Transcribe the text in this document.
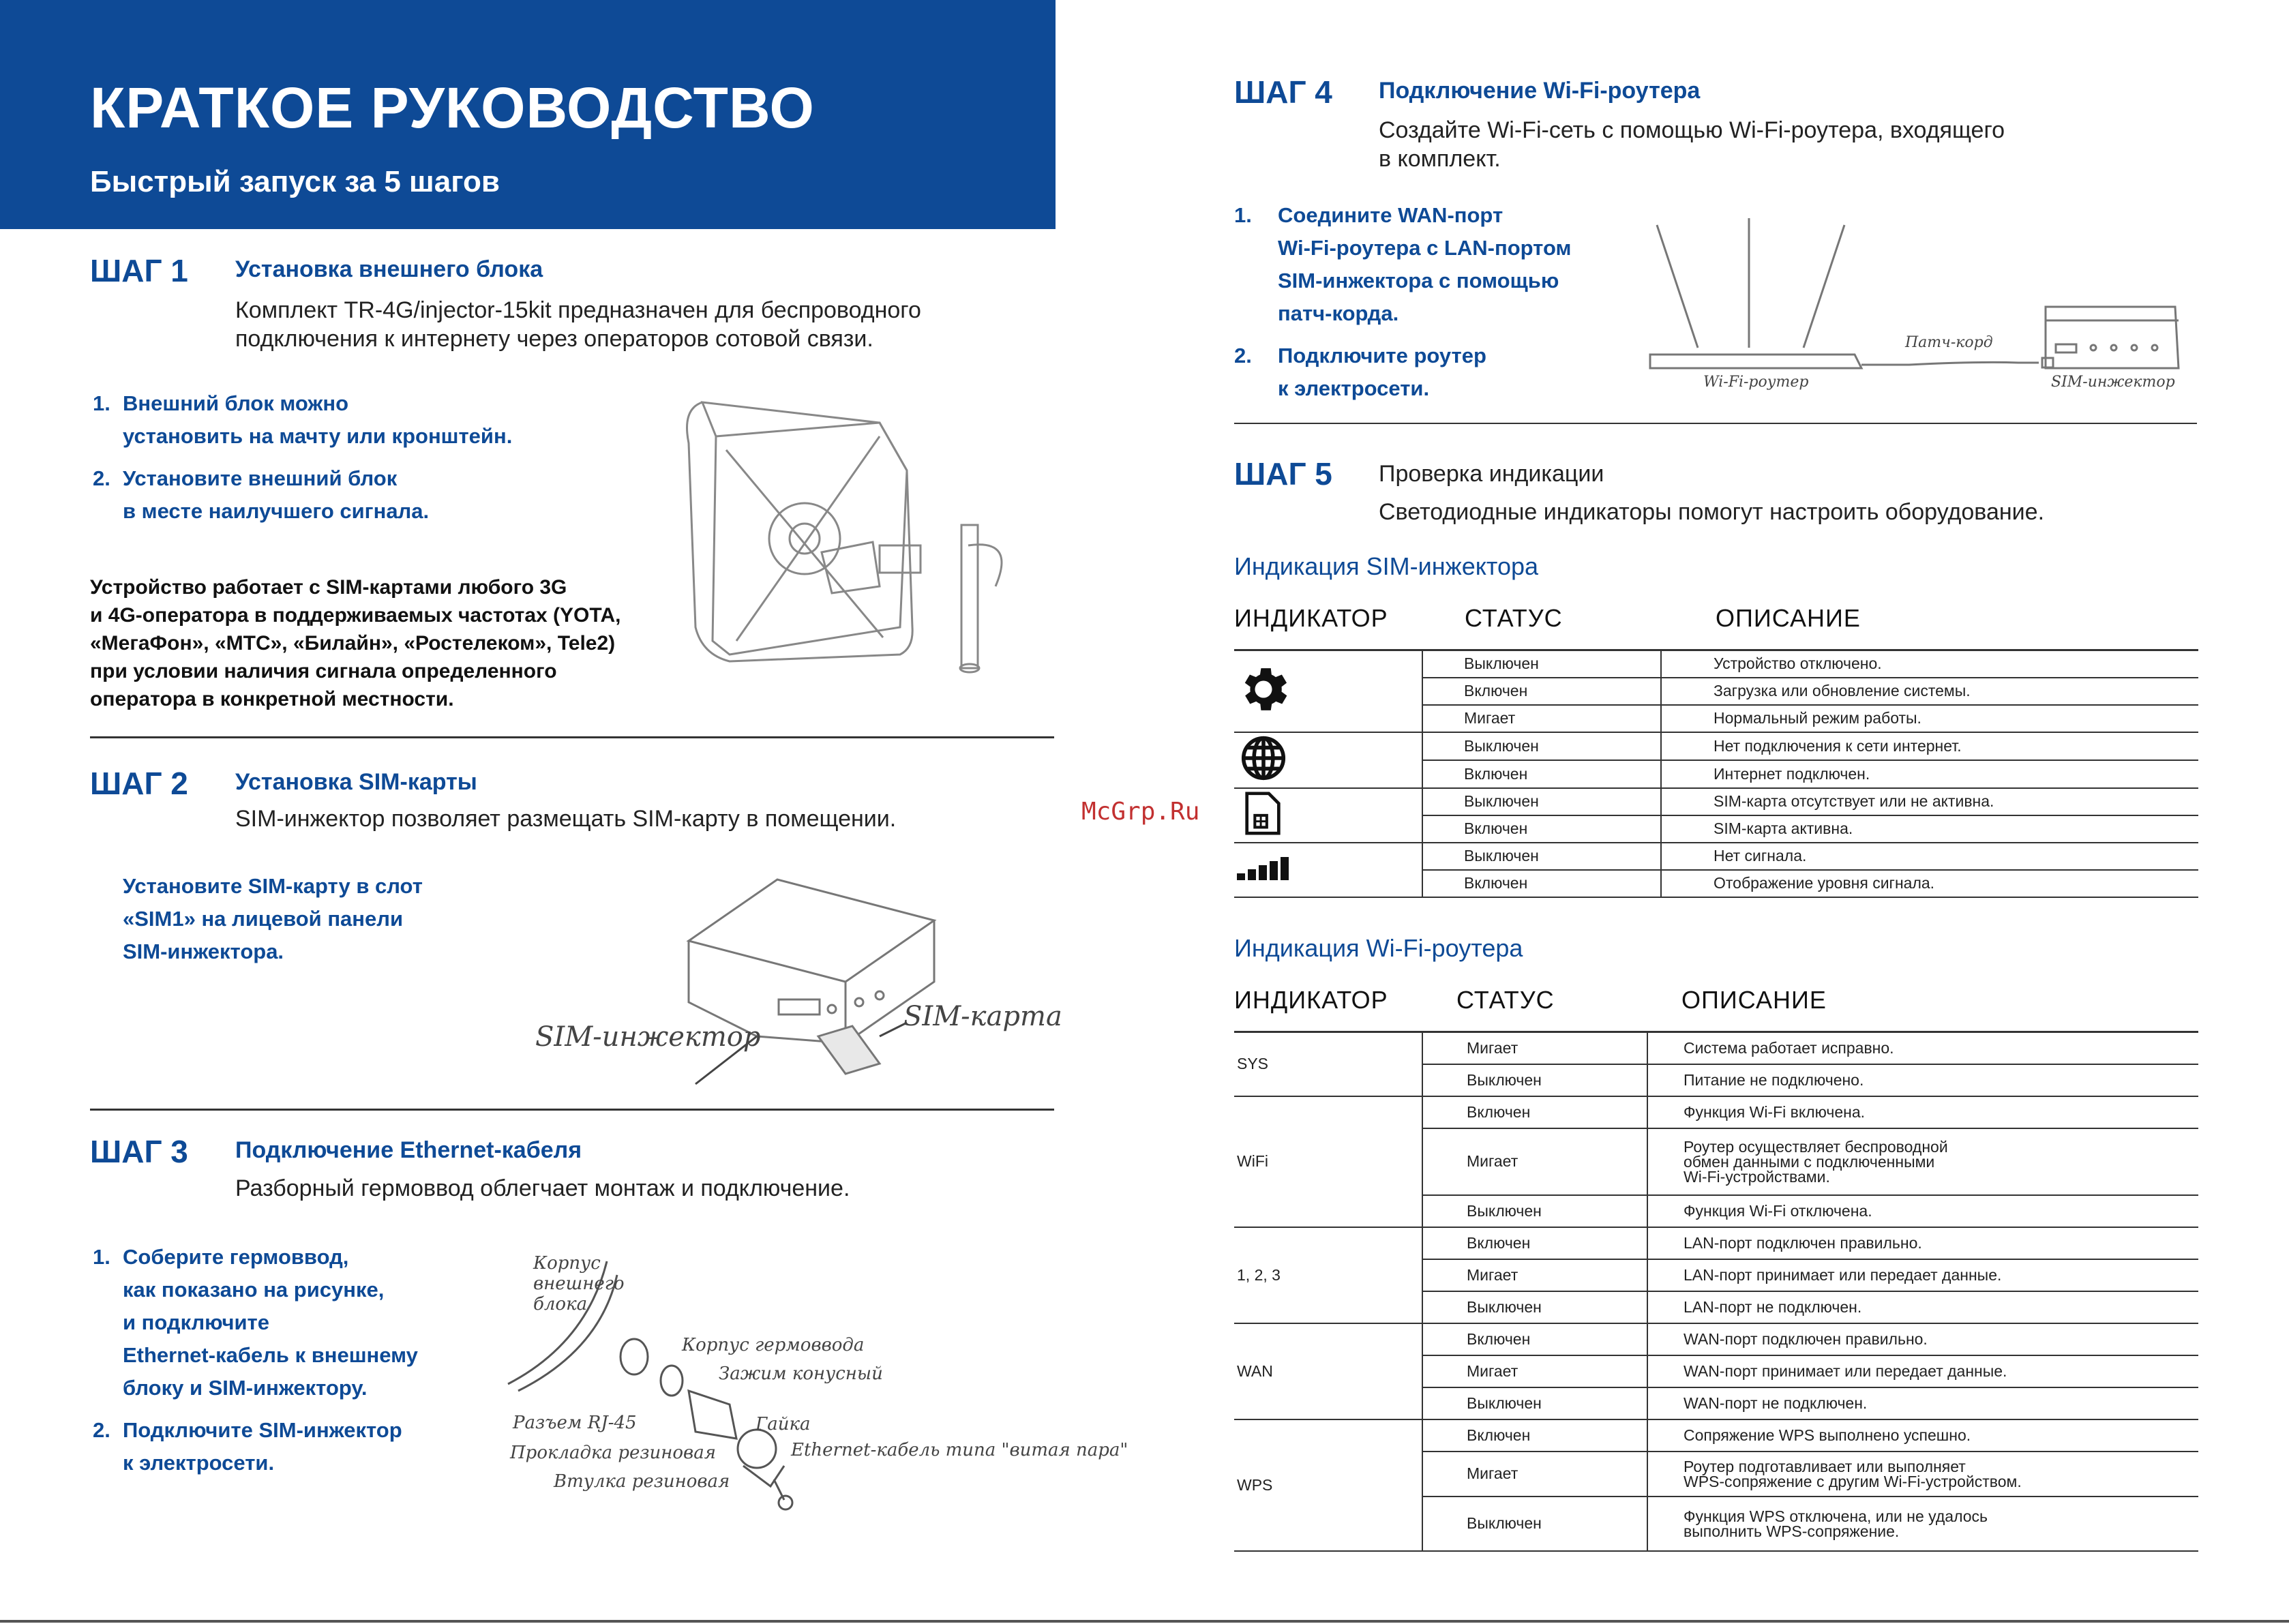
КРАТКОЕ РУКОВОДСТВО
Быстрый запуск за 5 шагов
ШАГ 1 Установка внешнего блока
Комплект TR-4G/injector-15kit предназначен для беспроводного
подключения к интернету через операторов сотовой связи.
1. Внешний блок можно
установить на мачту или кронштейн.
2. Установите внешний блок
в месте наилучшего сигнала.
Устройство работает с SIM-картами любого 3G
и 4G-оператора в поддерживаемых частотах (YOTA,
«МегаФон», «МТС», «Билайн», «Ростелеком», Tele2)
при условии наличия сигнала определенного
оператора в конкретной местности.
ШАГ 2 Установка SIM-карты
SIM-инжектор позволяет размещать SIM-карту в помещении.
Установите SIM-карту в слот
«SIM1» на лицевой панели
SIM-инжектора.
SIM-инжектор
SIM-карта
ШАГ 3 Подключение Ethernet-кабеля
Разборный гермоввод облегчает монтаж и подключение.
1. Соберите гермоввод,
как показано на рисунке,
и подключите
Ethernet-кабель к внешнему
блоку и SIM-инжектору.
2. Подключите SIM-инжектор
к электросети.
Корпус
внешнего
блока
Корпус гермоввода
Зажим конусный
Гайка
Разъем RJ-45
Прокладка резиновая
Втулка резиновая
Ethernet-кабель типа "витая пара"
McGrp.Ru
ШАГ 4 Подключение Wi-Fi-роутера
Создайте Wi-Fi-сеть с помощью Wi-Fi-роутера, входящего
в комплект.
1. Соедините WAN-порт
Wi-Fi-роутера с LAN-портом
SIM-инжектора с помощью
патч-корда.
2. Подключите роутер
к электросети.	Wi-Fi-роутер
Патч-корд
SIM-инжектор
ШАГ 5 Проверка индикации
Светодиодные индикаторы помогут настроить оборудование.
Индикация SIM-инжектора
ИНДИКАТОР	СТАТУС	ОПИСАНИЕ
	Выключен	Устройство отключено.
	Включен	Загрузка или обновление системы.
	Мигает	Нормальный режим работы.
	Выключен	Нет подключения к сети интернет.
	Включен	Интернет подключен.
	Выключен	SIM-карта отсутствует или не активна.
	Включен	SIM-карта активна.
	Выключен	Нет сигнала.
	Включен	Отображение уровня сигнала.
Индикация Wi-Fi-роутера
ИНДИКАТОР	СТАТУС	ОПИСАНИЕ
SYS	Мигает	Система работает исправно.
	Выключен	Питание не подключено.
WiFi	Включен	Функция Wi-Fi включена.
	Мигает	Роутер осуществляет беспроводной
обмен данными с подключенными
Wi-Fi-устройствами.

	Выключен	Функция Wi-Fi отключена.
1, 2, 3	Включен	LAN-порт подключен правильно.
	Мигает	LAN-порт принимает или передает данные.
	Выключен	LAN-порт не подключен.
WAN	Включен	WAN-порт подключен правильно.
	Мигает	WAN-порт принимает или передает данные.
	Выключен	WAN-порт не подключен.
WPS	Включен	Сопряжение WPS выполнено успешно.
	Мигает	Роутер подготавливает или выполняет
WPS-сопряжение с другим Wi-Fi-устройством.

	Выключен	Функция WPS отключена, или не удалось
выполнить WPS-сопряжение.
